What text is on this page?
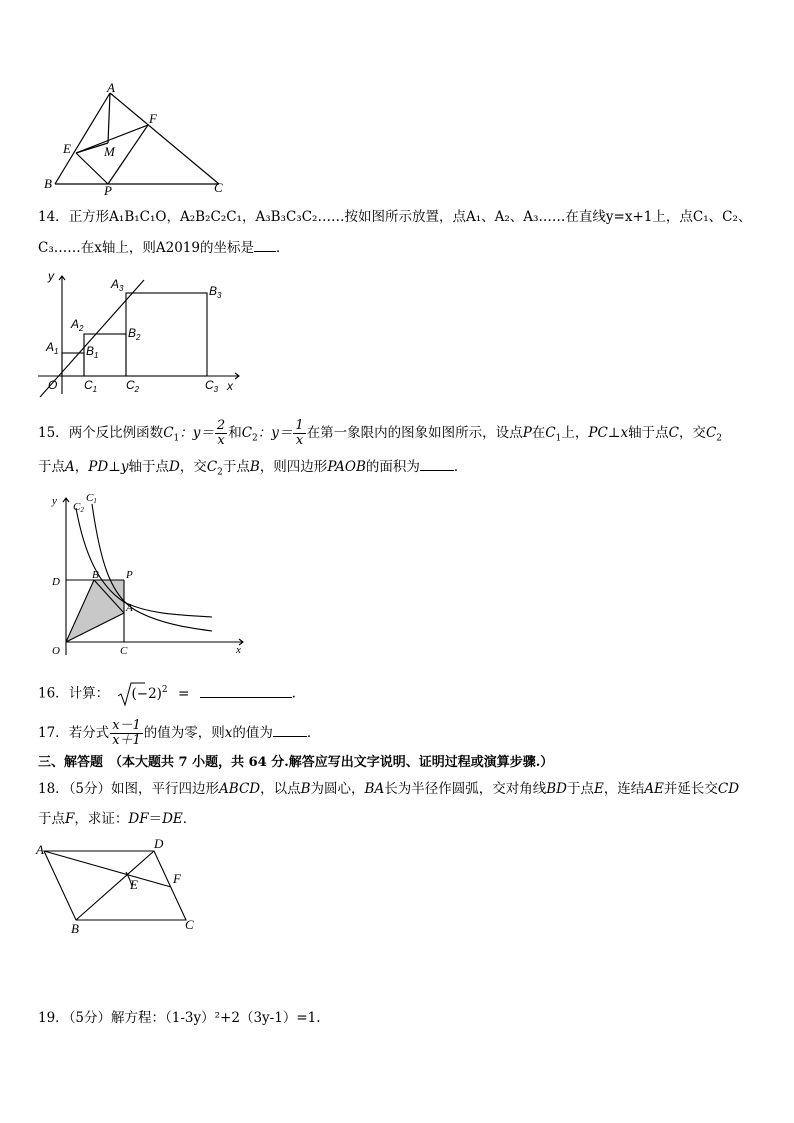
A
F
E	M
B	P	C
14．正方形A₁B₁C₁O，A₂B₂C₂C₁，A₃B₃C₃C₂……按如图所示放置，点A₁、A₂、A₃……在直线y=x+1上，点C₁、C₂、
C₃……在x轴上，则A2019的坐标是 ．
y
x
O
$A_1$
$A_2$
$A_3$
$B_1$
$B_2$
$B_3$
$C_1$ $C_2$	$C_3$
15．两个反比例函数$C_1$：$y= \frac{2}{x}$ 和$C_2$：$y= \frac{1}{x}$ 在第一象限内的图象如图所示，设点P在$C_1$上，PC⊥x轴于点C，交$C_2$
于点A，PD⊥y轴于点D，交$C_2$于点B，则四边形PAOB的面积为	．
y
x
O
C1
C2
D
B P
A
C
16．计算： $(-2)^2$ =	.
17．若分式 $\frac{x-1}{x+1}$ 的值为零，则x的值为	．
三、解答题 （本大题共 7 小题，共 64 分.解答应写出文字说明、证明过程或演算步骤.）
18．（5分）如图，平行四边形ABCD，以点B为圆心，BA长为半径作圆弧，交对角线BD于点E，连结AE并延长交CD
于点F，求证：DF＝DE．
A	D
E	F
B	C
19．（5分）解方程：（1-3y）²+2（3y-1）=1.
